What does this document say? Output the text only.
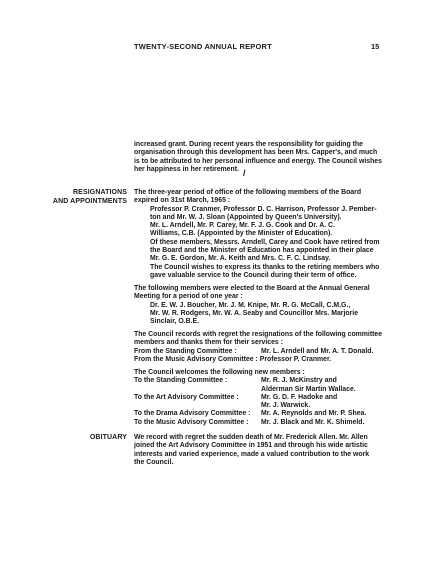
TWENTY-SECOND ANNUAL REPORT	15
increased grant. During recent years the responsibility for guiding the
organisation through this development has been Mrs. Capper's, and much
is to be attributed to her personal influence and energy. The Council wishes
her happiness in her retirement. /
RESIGNATIONS
AND APPOINTMENTS
The three-year period of office of the following members of the Board
expired on 31st March, 1965 :
Professor P. Cranmer, Professor D. C. Harrison, Professor J. Pember-
ton and Mr. W. J. Sloan (Appointed by Queen's University).
Mr. L. Arndell, Mr. P. Carey, Mr. F. J. G. Cook and Dr. A. C.
Williams, C.B. (Appointed by the Minister of Education).
Of these members, Messrs. Arndell, Carey and Cook have retired from
the Board and the Minister of Education has appointed in their place
Mr. G. E. Gordon, Mr. A. Keith and Mrs. C. F. C. Lindsay.
The Council wishes to express its thanks to the retiring members who
gave valuable service to the Council during their term of office.
The following members were elected to the Board at the Annual General
Meeting for a period of one year :
Dr. E. W. J. Boucher, Mr. J. M. Knipe, Mr. R. G. McCall, C.M.G.,
Mr. W. R. Rodgers, Mr. W. A. Seaby and Councillor Mrs. Marjorie
Sinclair, O.B.E.
The Council records with regret the resignations of the following committee
members and thanks them for their services :
From the Standing Committee :	Mr. L. Arndell and Mr. A. T. Donald.
From the Music Advisory Committee : Professor P. Cranmer.
The Council welcomes the following new members :
To the Standing Committee :	Mr. R. J. McKinstry and
Alderman Sir Martin Wallace.
To the Art Advisory Committee :	Mr. G. D. F. Hadoke and
Mr. J. Warwick.
To the Drama Advisory Committee : Mr. A. Reynolds and Mr. P. Shea.
To the Music Advisory Committee : Mr. J. Black and Mr. K. Shimeld.
OBITUARY We record with regret the sudden death of Mr. Frederick Allen. Mr. Allen
joined the Art Advisory Committee in 1951 and through his wide artistic
interests and varied experience, made a valued contribution to the work
the Council.
